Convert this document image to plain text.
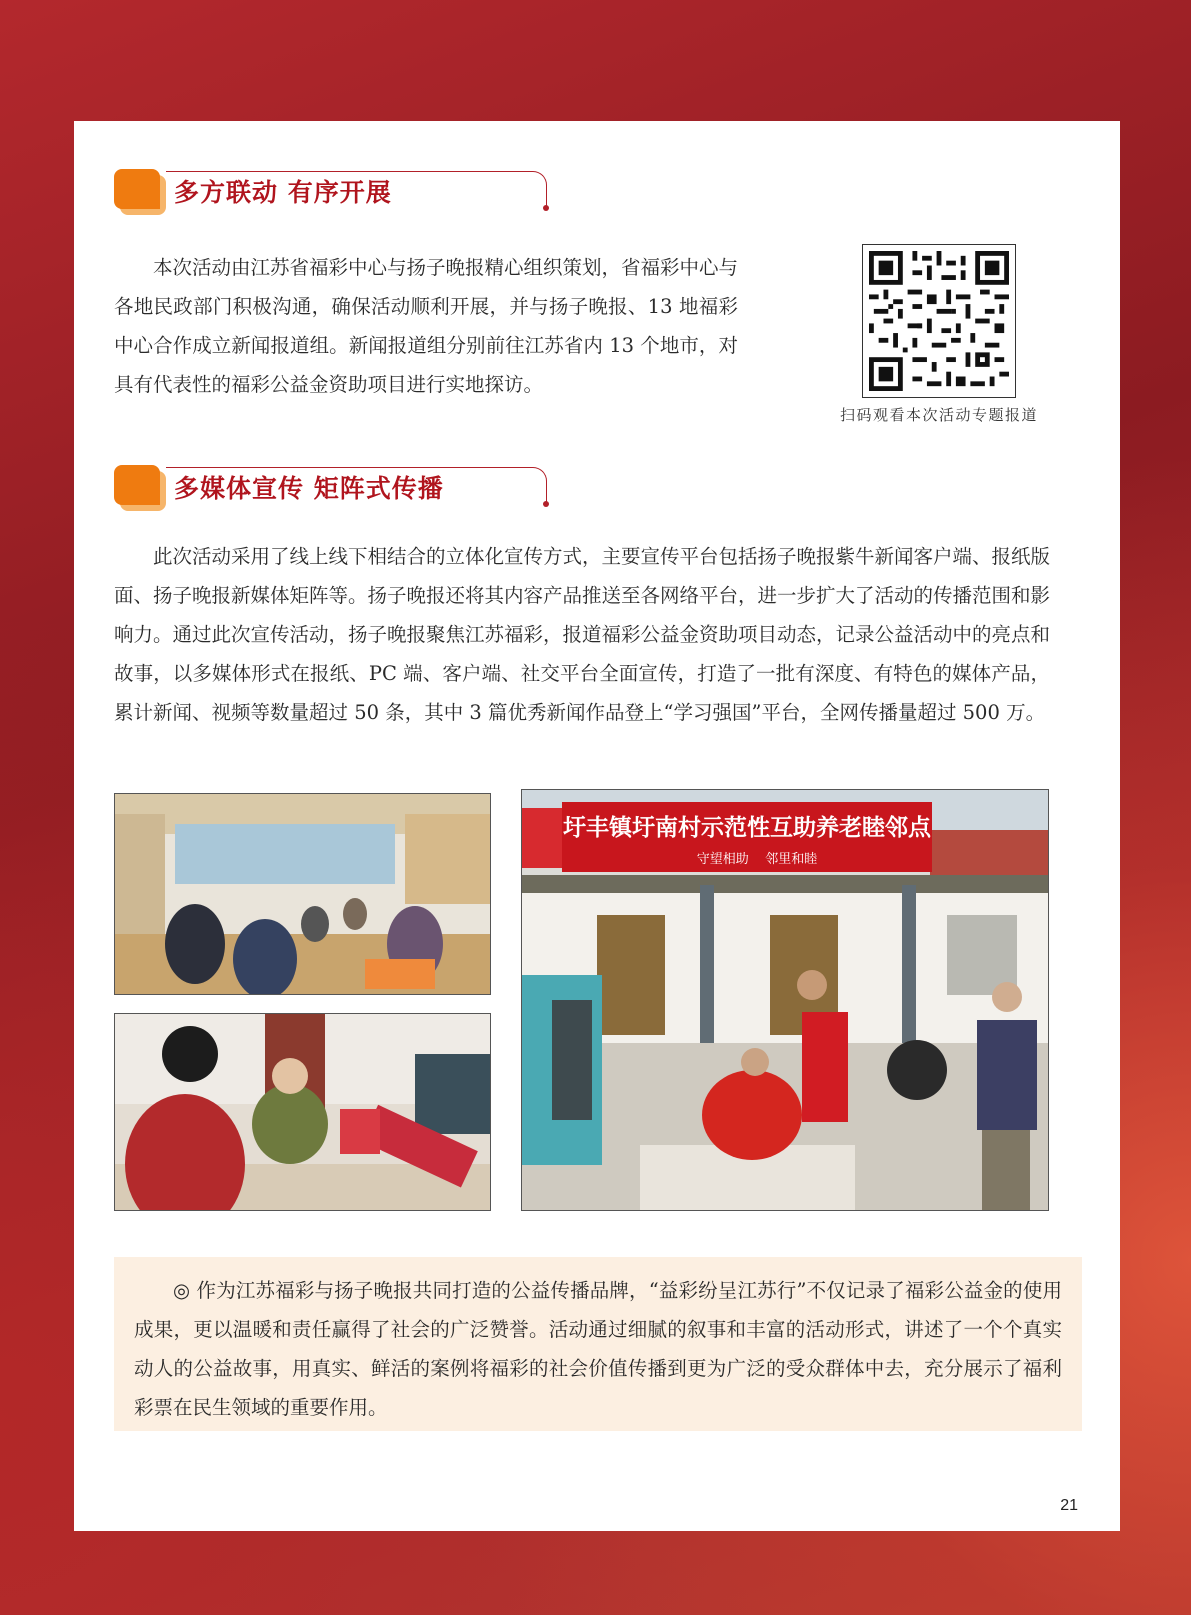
多方联动 有序开展

本次活动由江苏省福彩中心与扬子晚报精心组织策划，省福彩中心与各地民政部门积极沟通，确保活动顺利开展，并与扬子晚报、13 地福彩中心合作成立新闻报道组。新闻报道组分别前往江苏省内 13 个地市，对具有代表性的福彩公益金资助项目进行实地探访。

扫码观看本次活动专题报道
多媒体宣传 矩阵式传播

此次活动采用了线上线下相结合的立体化宣传方式，主要宣传平台包括扬子晚报紫牛新闻客户端、报纸版面、扬子晚报新媒体矩阵等。扬子晚报还将其内容产品推送至各网络平台，进一步扩大了活动的传播范围和影响力。通过此次宣传活动，扬子晚报聚焦江苏福彩，报道福彩公益金资助项目动态，记录公益活动中的亮点和故事，以多媒体形式在报纸、PC 端、客户端、社交平台全面宣传，打造了一批有深度、有特色的媒体产品，累计新闻、视频等数量超过 50 条，其中 3 篇优秀新闻作品登上“学习强国”平台，全网传播量超过 500 万。

圩丰镇圩南村示范性互助养老睦邻点
守望相助    邻里和睦

◎ 作为江苏福彩与扬子晚报共同打造的公益传播品牌，“益彩纷呈江苏行”不仅记录了福彩公益金的使用成果，更以温暖和责任赢得了社会的广泛赞誉。活动通过细腻的叙事和丰富的活动形式，讲述了一个个真实动人的公益故事，用真实、鲜活的案例将福彩的社会价值传播到更为广泛的受众群体中去，充分展示了福利彩票在民生领域的重要作用。

21
